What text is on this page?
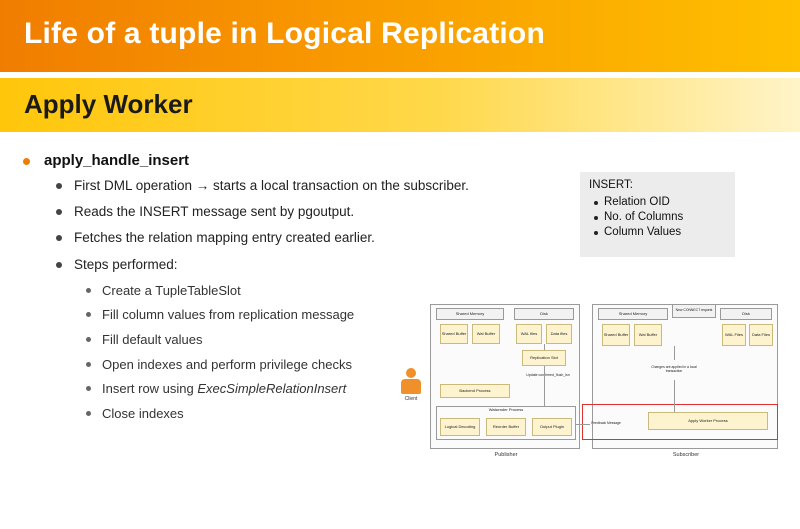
Life of a tuple in Logical Replication
Apply Worker
apply_handle_insert
First DML operation → starts a local transaction on the subscriber.
Reads the INSERT message sent by pgoutput.
Fetches the relation mapping entry created earlier.
Steps performed:
Create a TupleTableSlot
Fill column values from replication message
Fill default values
Open indexes and perform privilege checks
Insert row using ExecSimpleRelationInsert
Close indexes
INSERT:
Relation OID
No. of Columns
Column Values
Client
Shared Memory	Disk
Shared Buffer	Wal Buffer	WAL files	Data files
Replication Slot
Backend Process
Walsender Process
Logical Decoding	Reorder Buffer	Output Plugin
Update confirmed_flush_lsn
Publisher
Shared Memory
New CONNECT request
Disk
Shared Buffer	Wal Buffer	WAL Files	Data Files
Changes are applied in a local transaction
Apply Worker Process
Feedback Message
Subscriber
